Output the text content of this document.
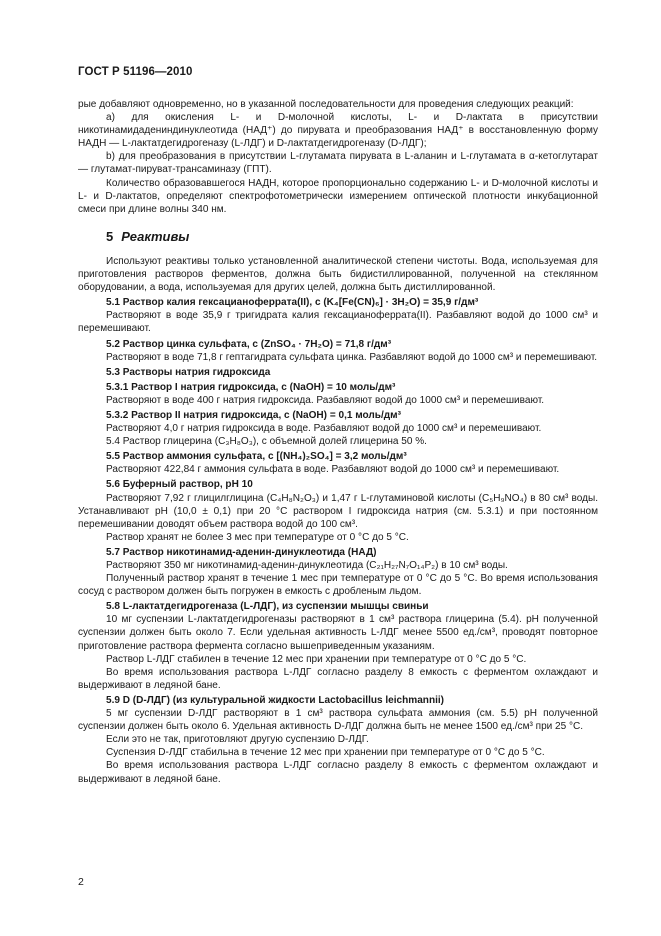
ГОСТ Р 51196—2010

рые добавляют одновременно, но в указанной последовательности для проведения следующих реакций:

а) для окисления L- и D-молочной кислоты, L- и D-лактата в присутствии никотинамидадениндинуклеотида (НАД⁺) до пирувата и преобразования НАД⁺ в восстановленную форму НАДН — L-лактатдегидрогеназу (L-ЛДГ) и D-лактатдегидрогеназу (D-ЛДГ);

b) для преобразования в присутствии L-глутамата пирувата в L-аланин и L-глутамата в α-кетоглутарат — глутамат-пируват-трансаминазу (ГПТ).

Количество образовавшегося НАДН, которое пропорционально содержанию L- и D-молочной кислоты и L- и D-лактатов, определяют спектрофотометрически измерением оптической плотности инкубационной смеси при длине волны 340 нм.

5 Реактивы

Используют реактивы только установленной аналитической степени чистоты. Вода, используемая для приготовления растворов ферментов, должна быть бидистиллированной, полученной на стеклянном оборудовании, а вода, используемая для других целей, должна быть дистиллированной.

5.1 Раствор калия гексацианоферрата(II), c (K₄[Fe(CN)₆] · 3H₂O) = 35,9 г/дм³

Растворяют в воде 35,9 г тригидрата калия гексацианоферрата(II). Разбавляют водой до 1000 см³ и перемешивают.

5.2 Раствор цинка сульфата, c (ZnSO₄ · 7H₂O) = 71,8 г/дм³

Растворяют в воде 71,8 г гептагидрата сульфата цинка. Разбавляют водой до 1000 см³ и перемешивают.

5.3 Растворы натрия гидроксида

5.3.1 Раствор I натрия гидроксида, c (NaOH) = 10 моль/дм³

Растворяют в воде 400 г натрия гидроксида. Разбавляют водой до 1000 см³ и перемешивают.

5.3.2 Раствор II натрия гидроксида, c (NaOH) = 0,1 моль/дм³

Растворяют 4,0 г натрия гидроксида в воде. Разбавляют водой до 1000 см³ и перемешивают.

5.4 Раствор глицерина (C₃H₈O₃), с объемной долей глицерина 50 %.

5.5 Раствор аммония сульфата, c [(NH₄)₂SO₄] = 3,2 моль/дм³

Растворяют 422,84 г аммония сульфата в воде. Разбавляют водой до 1000 см³ и перемешивают.

5.6 Буферный раствор, pH 10

Растворяют 7,92 г глицилглицина (C₄H₈N₂O₃) и 1,47 г L-глутаминовой кислоты (C₅H₉NO₄) в 80 см³ воды. Устанавливают pH (10,0 ± 0,1) при 20 °С раствором I гидроксида натрия (см. 5.3.1) и при постоянном перемешивании доводят объем раствора водой до 100 см³.

Раствор хранят не более 3 мес при температуре от 0 °С до 5 °С.

5.7 Раствор никотинамид-аденин-динуклеотида (НАД)

Растворяют 350 мг никотинамид-аденин-динуклеотида (C₂₁H₂₇N₇O₁₄P₂) в 10 см³ воды.

Полученный раствор хранят в течение 1 мес при температуре от 0 °С до 5 °С. Во время использования сосуд с раствором должен быть погружен в емкость с дробленым льдом.

5.8 L-лактатдегидрогеназа (L-ЛДГ), из суспензии мышцы свиньи

10 мг суспензии L-лактатдегидрогеназы растворяют в 1 см³ раствора глицерина (5.4). pH полученной суспензии должен быть около 7. Если удельная активность L-ЛДГ менее 5500 ед./см³, проводят повторное приготовление раствора фермента согласно вышеприведенным указаниям.

Раствор L-ЛДГ стабилен в течение 12 мес при хранении при температуре от 0 °С до 5 °С.

Во время использования раствора L-ЛДГ согласно разделу 8 емкость с ферментом охлаждают и выдерживают в ледяной бане.

5.9 D (D-ЛДГ) (из культуральной жидкости Lactobacillus leichmannii)

5 мг суспензии D-ЛДГ растворяют в 1 см³ раствора сульфата аммония (см. 5.5) pH полученной суспензии должен быть около 6. Удельная активность D-ЛДГ должна быть не менее 1500 ед./см³ при 25 °С.

Если это не так, приготовляют другую суспензию D-ЛДГ.

Суспензия D-ЛДГ стабильна в течение 12 мес при хранении при температуре от 0 °С до 5 °С.

Во время использования раствора L-ЛДГ согласно разделу 8 емкость с ферментом охлаждают и выдерживают в ледяной бане.

2
